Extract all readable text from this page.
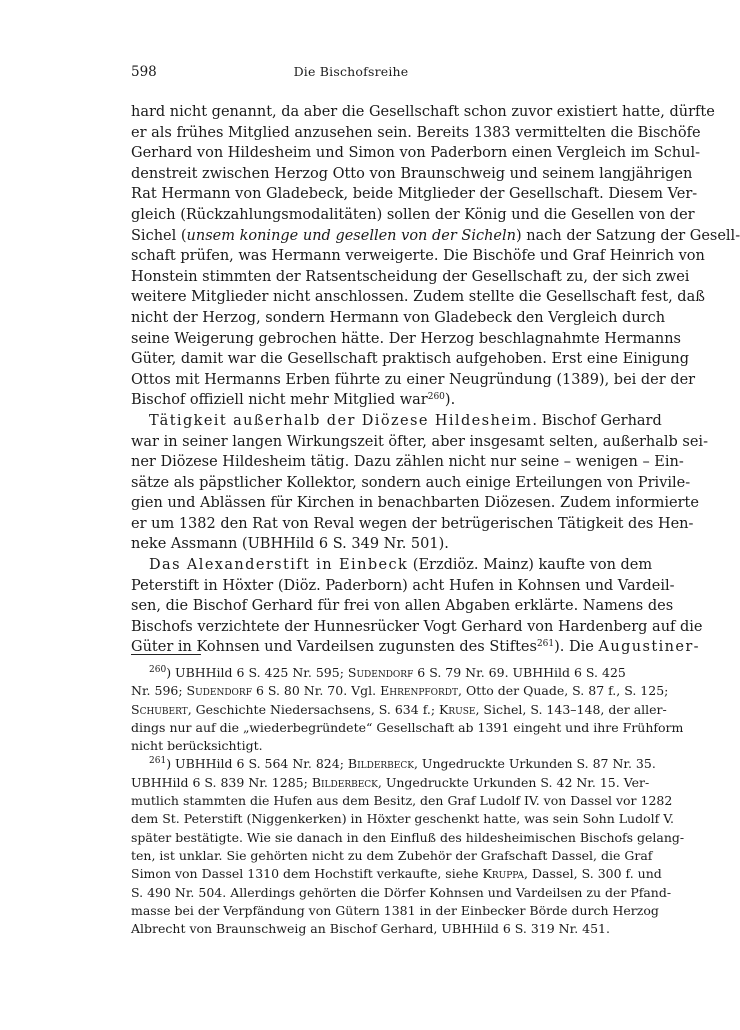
598	Die Bischofsreihe
hard nicht genannt, da aber die Gesellschaft schon zuvor existiert hatte, dürfte
er als frühes Mitglied anzusehen sein. Bereits 1383 vermittelten die Bischöfe
Gerhard von Hildesheim und Simon von Paderborn einen Vergleich im Schul-
denstreit zwischen Herzog Otto von Braunschweig und seinem langjährigen
Rat Hermann von Gladebeck, beide Mitglieder der Gesellschaft. Diesem Ver-
gleich (Rückzahlungsmodalitäten) sollen der König und die Gesellen von der
Sichel (unsem koninge und gesellen von der Sicheln) nach der Satzung der Gesell-
schaft prüfen, was Hermann verweigerte. Die Bischöfe und Graf Heinrich von
Honstein stimmten der Ratsentscheidung der Gesellschaft zu, der sich zwei
weitere Mitglieder nicht anschlossen. Zudem stellte die Gesellschaft fest, daß
nicht der Herzog, sondern Hermann von Gladebeck den Vergleich durch
seine Weigerung gebrochen hätte. Der Herzog beschlagnahmte Hermanns
Güter, damit war die Gesellschaft praktisch aufgehoben. Erst eine Einigung
Ottos mit Hermanns Erben führte zu einer Neugründung (1389), bei der der
Bischof offiziell nicht mehr Mitglied war$^{260}$).
Tätigkeit außerhalb der Diözese Hildesheim. Bischof Gerhard
war in seiner langen Wirkungszeit öfter, aber insgesamt selten, außerhalb sei-
ner Diözese Hildesheim tätig. Dazu zählen nicht nur seine – wenigen – Ein-
sätze als päpstlicher Kollektor, sondern auch einige Erteilungen von Privile-
gien und Ablässen für Kirchen in benachbarten Diözesen. Zudem informierte
er um 1382 den Rat von Reval wegen der betrügerischen Tätigkeit des Hen-
neke Assmann (UBHHild 6 S. 349 Nr. 501).
Das Alexanderstift in Einbeck (Erzdiöz. Mainz) kaufte von dem
Peterstift in Höxter (Diöz. Paderborn) acht Hufen in Kohnsen und Vardeil-
sen, die Bischof Gerhard für frei von allen Abgaben erklärte. Namens des
Bischofs verzichtete der Hunnesrücker Vogt Gerhard von Hardenberg auf die
Güter in Kohnsen und Vardeilsen zugunsten des Stiftes$^{261}$). Die Augustiner-
$^{260}$) UBHHild 6 S. 425 Nr. 595; Sudendorf 6 S. 79 Nr. 69. UBHHild 6 S. 425
Nr. 596; Sudendorf 6 S. 80 Nr. 70. Vgl. Ehrenpfordt, Otto der Quade, S. 87 f., S. 125;
Schubert, Geschichte Niedersachsens, S. 634 f.; Kruse, Sichel, S. 143–148, der aller-
dings nur auf die „wiederbegründete“ Gesellschaft ab 1391 eingeht und ihre Frühform
nicht berücksichtigt.
$^{261}$) UBHHild 6 S. 564 Nr. 824; Bilderbeck, Ungedruckte Urkunden S. 87 Nr. 35.
UBHHild 6 S. 839 Nr. 1285; Bilderbeck, Ungedruckte Urkunden S. 42 Nr. 15. Ver-
mutlich stammten die Hufen aus dem Besitz, den Graf Ludolf IV. von Dassel vor 1282
dem St. Peterstift (Niggenkerken) in Höxter geschenkt hatte, was sein Sohn Ludolf V.
später bestätigte. Wie sie danach in den Einfluß des hildesheimischen Bischofs gelang-
ten, ist unklar. Sie gehörten nicht zu dem Zubehör der Grafschaft Dassel, die Graf
Simon von Dassel 1310 dem Hochstift verkaufte, siehe Kruppa, Dassel, S. 300 f. und
S. 490 Nr. 504. Allerdings gehörten die Dörfer Kohnsen und Vardeilsen zu der Pfand-
masse bei der Verpfändung von Gütern 1381 in der Einbecker Börde durch Herzog
Albrecht von Braunschweig an Bischof Gerhard, UBHHild 6 S. 319 Nr. 451.
